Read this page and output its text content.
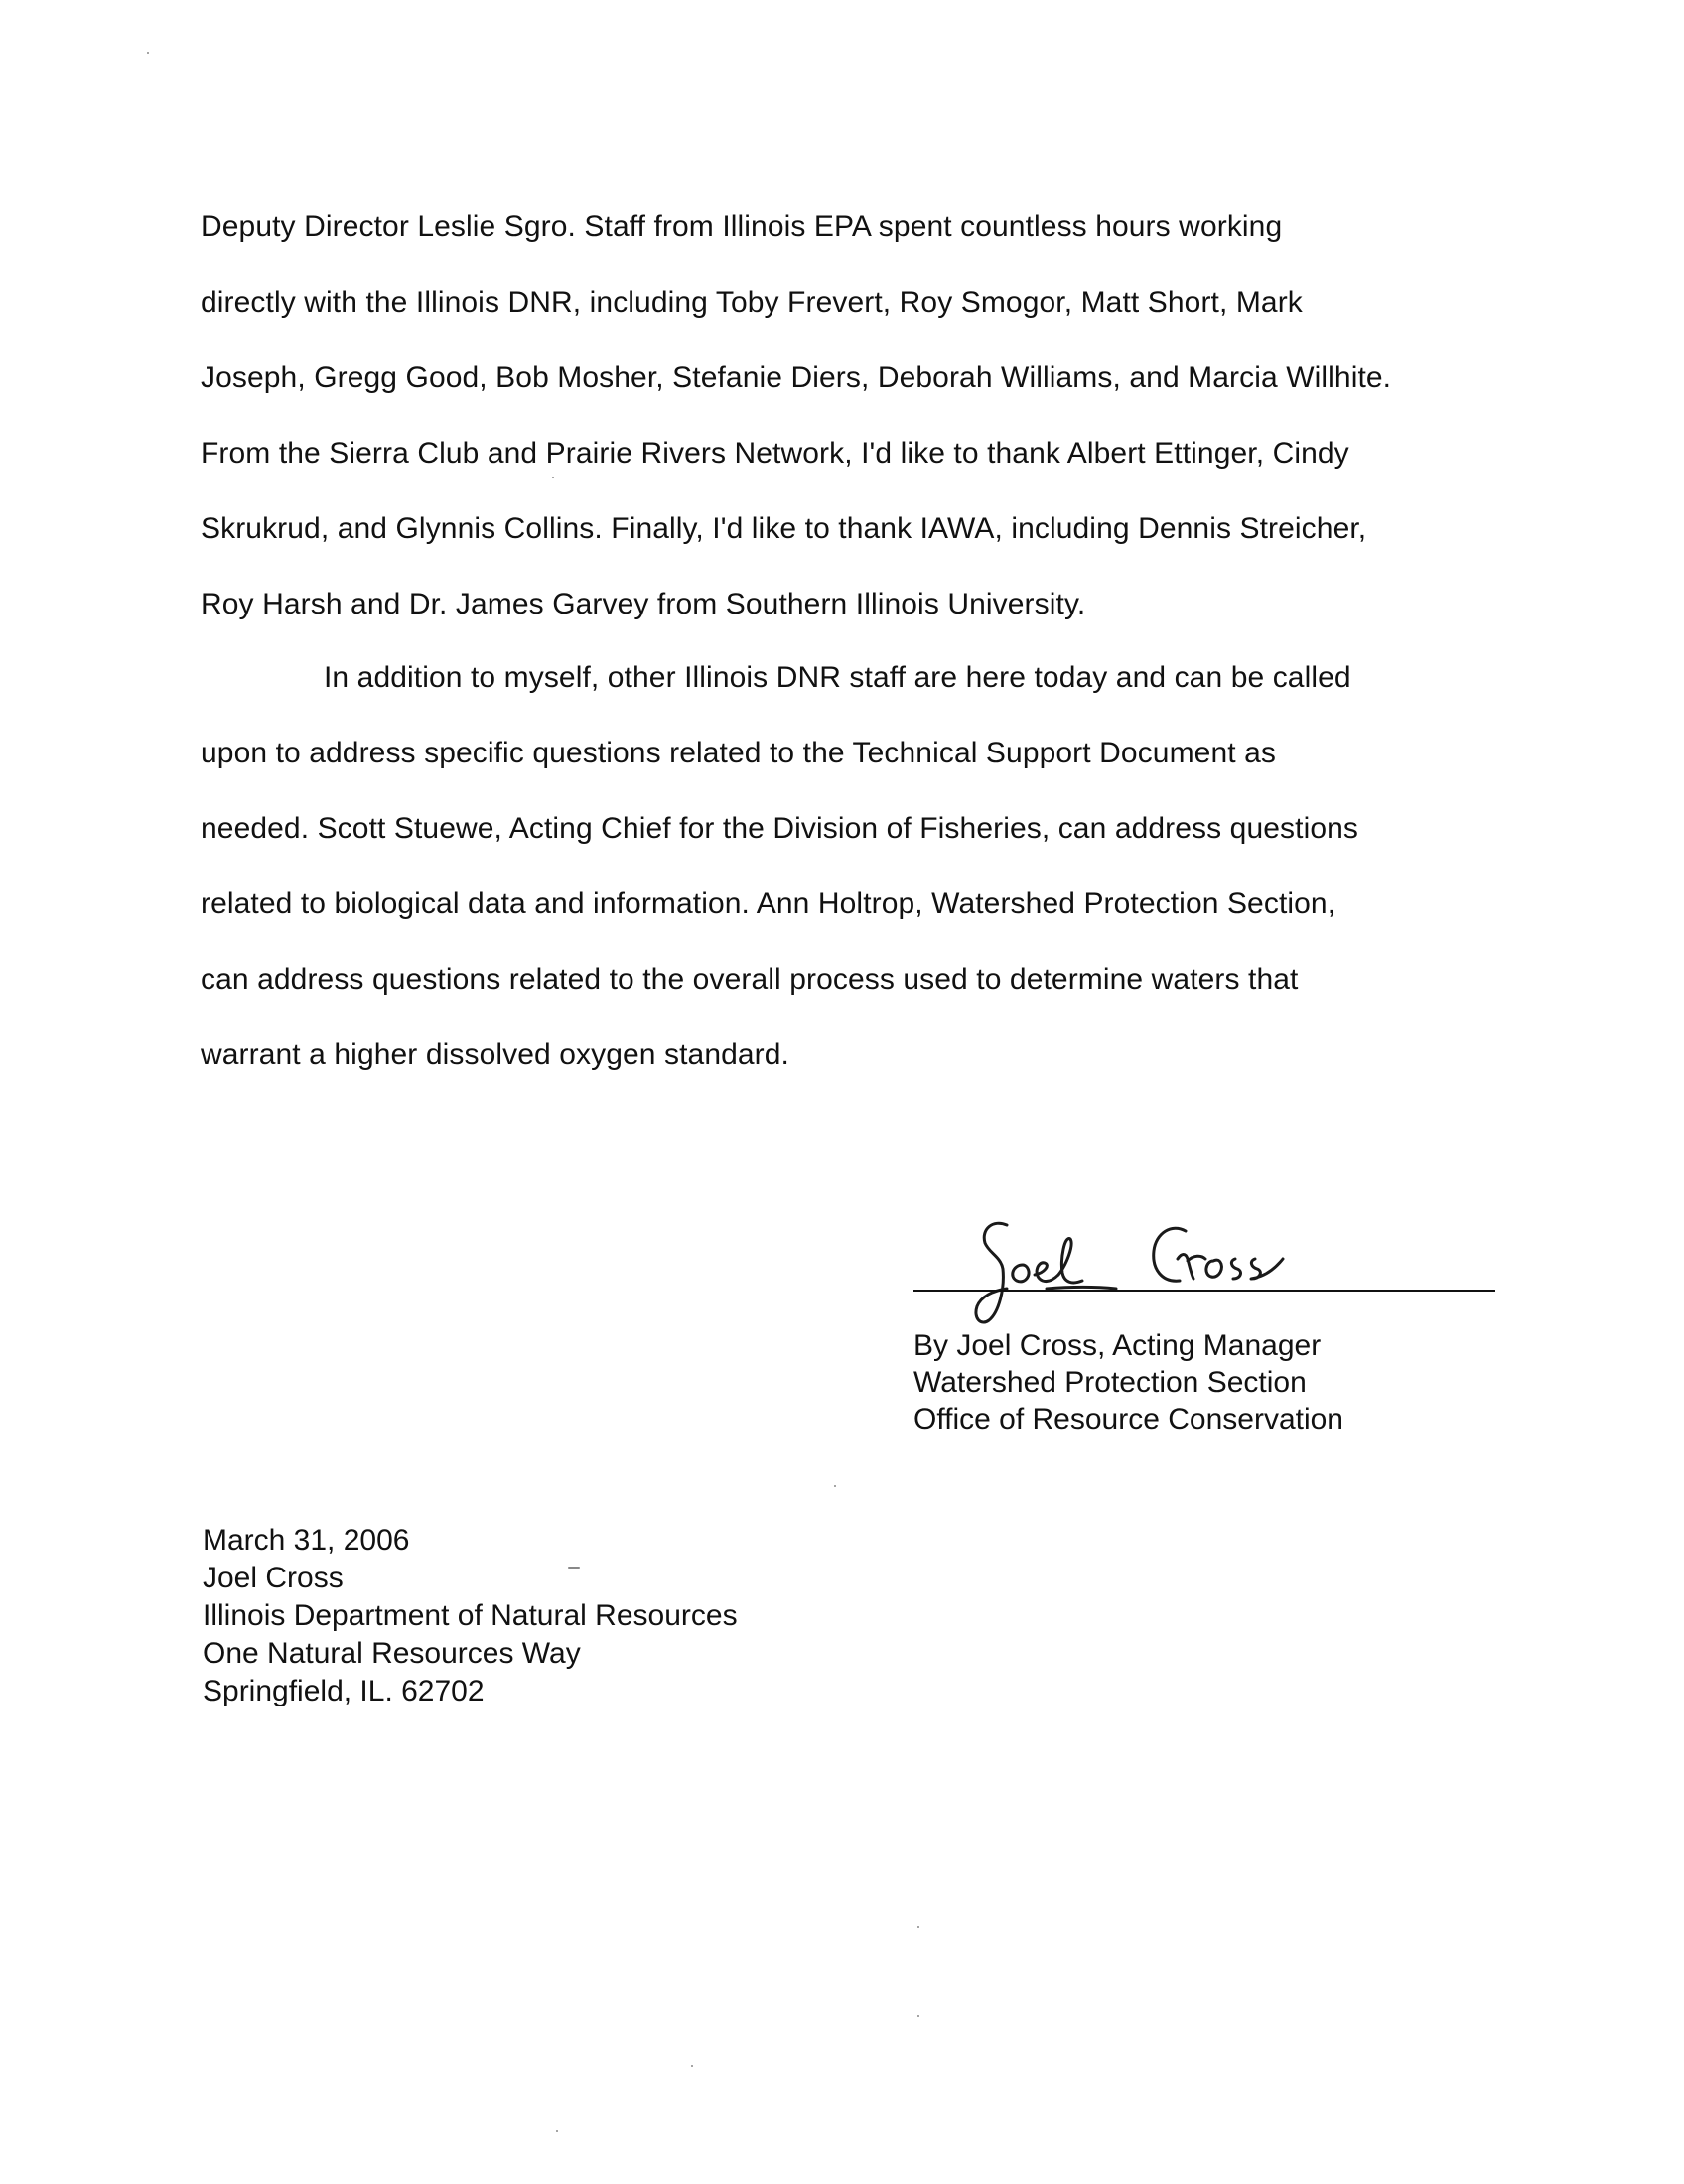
Deputy Director Leslie Sgro. Staff from Illinois EPA spent countless hours working
directly with the Illinois DNR, including Toby Frevert, Roy Smogor, Matt Short, Mark
Joseph, Gregg Good, Bob Mosher, Stefanie Diers, Deborah Williams, and Marcia Willhite.
From the Sierra Club and Prairie Rivers Network, I'd like to thank Albert Ettinger, Cindy
Skrukrud, and Glynnis Collins. Finally, I'd like to thank IAWA, including Dennis Streicher,
Roy Harsh and Dr. James Garvey from Southern Illinois University.
In addition to myself, other Illinois DNR staff are here today and can be called
upon to address specific questions related to the Technical Support Document as
needed. Scott Stuewe, Acting Chief for the Division of Fisheries, can address questions
related to biological data and information. Ann Holtrop, Watershed Protection Section,
can address questions related to the overall process used to determine waters that
warrant a higher dissolved oxygen standard.
By Joel Cross, Acting Manager
Watershed Protection Section
Office of Resource Conservation
March 31, 2006
Joel Cross
Illinois Department of Natural Resources
One Natural Resources Way
Springfield, IL. 62702
